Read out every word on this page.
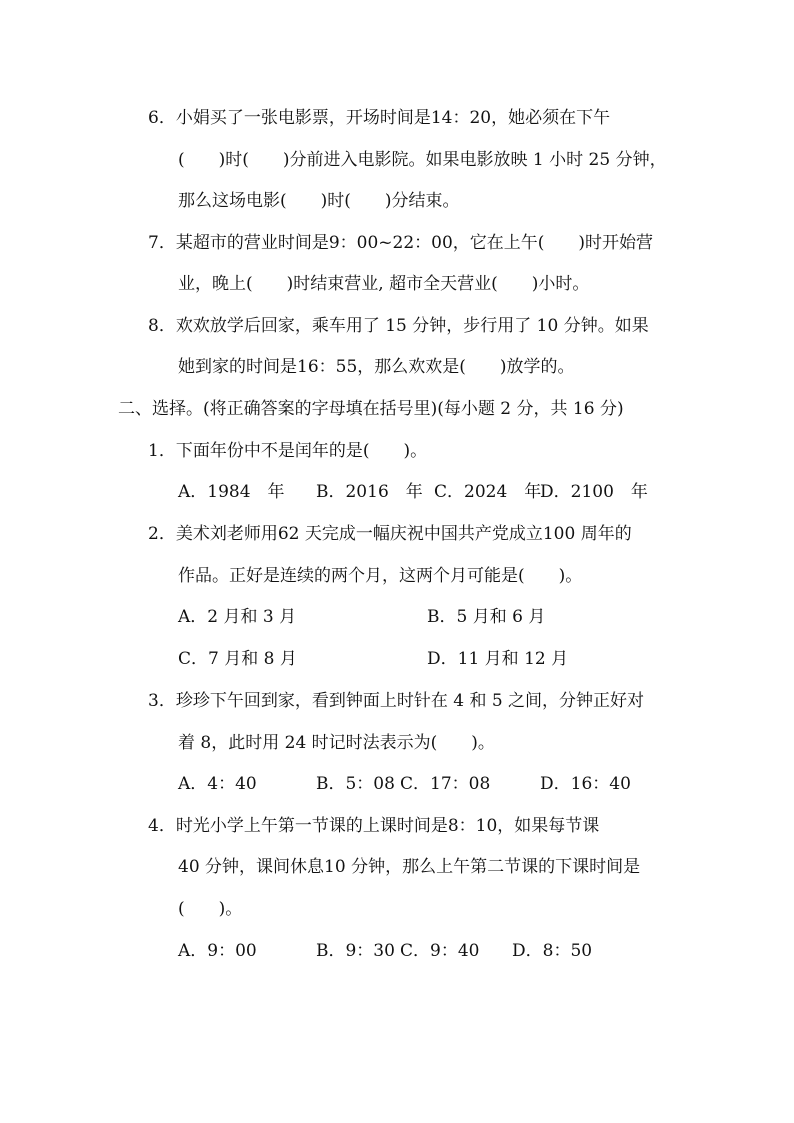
6．小娟买了一张电影票，开场时间是14：20，她必须在下午
(　　)时(　　)分前进入电影院。如果电影放映 1 小时 25 分钟，
那么这场电影(　　)时(　　)分结束。
7．某超市的营业时间是9：00~22：00，它在上午(　　)时开始营
业，晚上(　　)时结束营业, 超市全天营业(　　)小时。
8．欢欢放学后回家，乘车用了 15 分钟，步行用了 10 分钟。如果
她到家的时间是16：55，那么欢欢是(　　)放学的。
二、选择。(将正确答案的字母填在括号里)(每小题 2 分，共 16 分)
1．下面年份中不是闰年的是(　　)。
A．1984　年 B．2016　年 C．2024　年
D．2100　年
2．美术刘老师用62 天完成一幅庆祝中国共产党成立100 周年的
作品。正好是连续的两个月，这两个月可能是(　　)。
A．2 月和 3 月	B．5 月和 6 月
C．7 月和 8 月	D．11 月和 12 月
3．珍珍下午回到家，看到钟面上时针在 4 和 5 之间，分钟正好对
着 8，此时用 24 时记时法表示为(　　)。
A．4：40	B．5：08 C．17：08	D．16：40
4．时光小学上午第一节课的上课时间是8：10，如果每节课
40 分钟，课间休息10 分钟，那么上午第二节课的下课时间是
(　　)。
A．9：00	B．9：30 C．9：40 D．8：50
